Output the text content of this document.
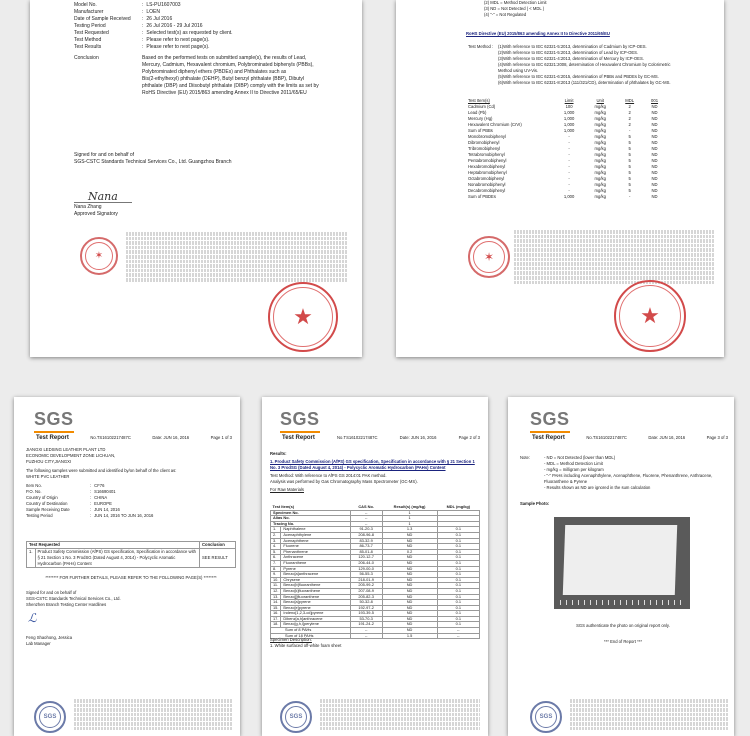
Model No.	: LS-PU1607003
Manufacturer	: LOEN
Date of Sample Received	: 26 Jul 2016
Testing Period	: 26 Jul 2016 - 29 Jul 2016
Test Requested	: Selected test(s) as requested by client.
Test Method	: Please refer to next page(s).
Test Results	: Please refer to next page(s).
Conclusion	Based on the performed tests on submitted sample(s), the results of Lead,
Mercury, Cadmium, Hexavalent chromium, Polybrominated biphenyls (PBBs),
Polybrominated diphenyl ethers (PBDEs) and Phthalates such as
Bis(2-ethylhexyl) phthalate (DEHP), Butyl benzyl phthalate (BBP), Dibutyl
phthalate (DBP) and Diisobutyl phthalate (DIBP) comply with the limits as set by
RoHS Directive (EU) 2015/863 amending Annex II to Directive 2011/65/EU
Signed for and on behalf of
SGS-CSTC Standards Technical Services Co., Ltd. Guangzhou Branch
Nana
Nana Zhang
Approved Signatory
✶
★
(2) MDL = Method Detection Limit
(3) ND = Not Detected ( < MDL )
(4) "-" = Not Regulated
RoHS Directive (EU) 2015/863 amending Annex II to Directive 2011/65/EU
Test Method :	(1)With reference to IEC 62321-5:2013, determination of Cadmium by ICP-OES.
(2)With reference to IEC 62321-5:2013, determination of Lead by ICP-OES.
(3)With reference to IEC 62321-4:2013, determination of Mercury by ICP-OES.
(4)With reference to IEC 62321:2008, determination of Hexavalent Chromium by Colorimetric
Method using UV-Vis.
(5)With reference to IEC 62321-6:2015, determination of PBBs and PBDEs by GC-MS.
(6)With reference to IEC 62321-8:2013 (111/321/CD), determination of phthalates by GC-MS.
Test Item(s)	Limit	Unit	MDL	001
Cadmium (Cd)	100	mg/kg	2	ND
Lead (Pb)	1,000	mg/kg	2	ND
Mercury (Hg)	1,000	mg/kg	2	ND
Hexavalent Chromium (CrVI)	1,000	mg/kg	2	ND
Sum of PBBs	1,000	mg/kg	-	ND
Monobromobiphenyl	-	mg/kg	5	ND
Dibromobiphenyl	-	mg/kg	5	ND
Tribromobiphenyl	-	mg/kg	5	ND
Tetrabromobiphenyl	-	mg/kg	5	ND
Pentabromobiphenyl	-	mg/kg	5	ND
Hexabromobiphenyl	-	mg/kg	5	ND
Heptabromobiphenyl	-	mg/kg	5	ND
Octabromobiphenyl	-	mg/kg	5	ND
Nonabromobiphenyl	-	mg/kg	5	ND
Decabromobiphenyl	-	mg/kg	5	ND
Sum of PBDEs	1,000	mg/kg	-	ND
✶
★
SGS
Test Report	No.TS16102217487C	Date: JUN 16, 2016	Page 1 of 3
JIANGXI LEDSING LEATHER PLANT LTD
ECONOMIC DEVELOPMENT ZONE LICHUAN,
FUZHOU CITY,JIANGXI
The following samples were submitted and identified by/on behalf of the client as:
WHITE PVC LEATHER
Item No.	: CF76
P.O. No.	: S16690401
Country of Origin	: CHINA
Country of Destination	: EUROPE
Sample Receiving Date	: JUN 14, 2016
Testing Period	: JUN 14, 2016 TO JUN 16, 2016
Test Requested		Conclusion
1.	Product Safety Commission (AfPS) GS specification, Specification in accordance with § 21 Section 1 No. 3 ProdSG (Dated August 4, 2014) - Polycyclic Aromatic Hydrocarbon (PAHs) Content	SEE RESULT
******** FOR FURTHER DETAILS, PLEASE REFER TO THE FOLLOWING PAGE(S) ********
Signed for and on behalf of
SGS-CSTC Standards Technical Services Co., Ltd.
Shenzhen Branch Testing Center Hardlines
ℒ
Feng Shaohong, Jessica
Lab Manager
SGS
SGS
Test Report	No.TS16102217487C	Date: JUN 16, 2016	Page 2 of 3
Results:
1. Product Safety Commission (AfPS) GS specification, Specification in accordance with § 21 Section 1 No. 3 ProdSG (Dated August 4, 2014) - Polycyclic Aromatic Hydrocarbon (PAHs) Content
Test Method: With reference to AfPS GS 2014:01 PAK method.
Analysis was performed by Gas Chromatography Mass Spectrometer (GC-MS).
For Raw Materials
Test Item(s)		CAS No.	Result(s) (mg/kg)	MDL (mg/kg)
Specimen No.		--	1	
Alias No.		--	1	
Tracing No.		--	1	
1.	Naphthalene	91-20-3	1.3	0.1
2.	Acenaphthylene	208-96-8	ND	0.1
3.	Acenaphthene	83-32-9	ND	0.1
4.	Fluorene	86-73-7	ND	0.1
5.	Phenanthrene	85-01-8	0.2	0.1
6.	Anthracene	120-12-7	ND	0.1
7.	Fluoranthene	206-44-0	ND	0.1
8.	Pyrene	129-00-0	ND	0.1
9.	Benzo[a]anthracene	56-55-3	ND	0.1
10.	Chrysene	218-01-9	ND	0.1
11.	Benzo[b]fluoranthene	205-99-2	ND	0.1
12.	Benzo[k]fluoranthene	207-08-9	ND	0.1
13.	Benzo[j]fluoranthene	205-82-3	ND	0.1
14.	Benzo[a]pyrene	50-32-8	ND	0.1
15.	Benzo[e]pyrene	192-97-2	ND	0.1
16.	Indeno[1,2,3-cd]pyrene	193-39-5	ND	0.1
17.	Dibenz[a,h]anthracene	53-70-3	ND	0.1
18.	Benzo[g,h,i]perylene	191-24-2	ND	0.1
Sum of 8 PAHs		--	ND	--
Sum of 18 PAHs		--	1.5	--
Specimen Description:
1. White surfaced off-white foam sheet
SGS
SGS
Test Report	No.TS16102217487C	Date: JUN 16, 2016	Page 3 of 3
Note:	- ND = Not Detected (lower than MDL)
- MDL = Method Detection Limit
- mg/kg = milligram per kilogram
- "-" PAHs including Acenaphthylene, Acenaphthene, Fluorene, Phenanthrene, Anthracene, Fluoranthene & Pyrene
- Results shown as ND are ignored in the sum calculation
Sample Photo:
SGS authenticate the photo on original report only.
*** End of Report ***
SGS
